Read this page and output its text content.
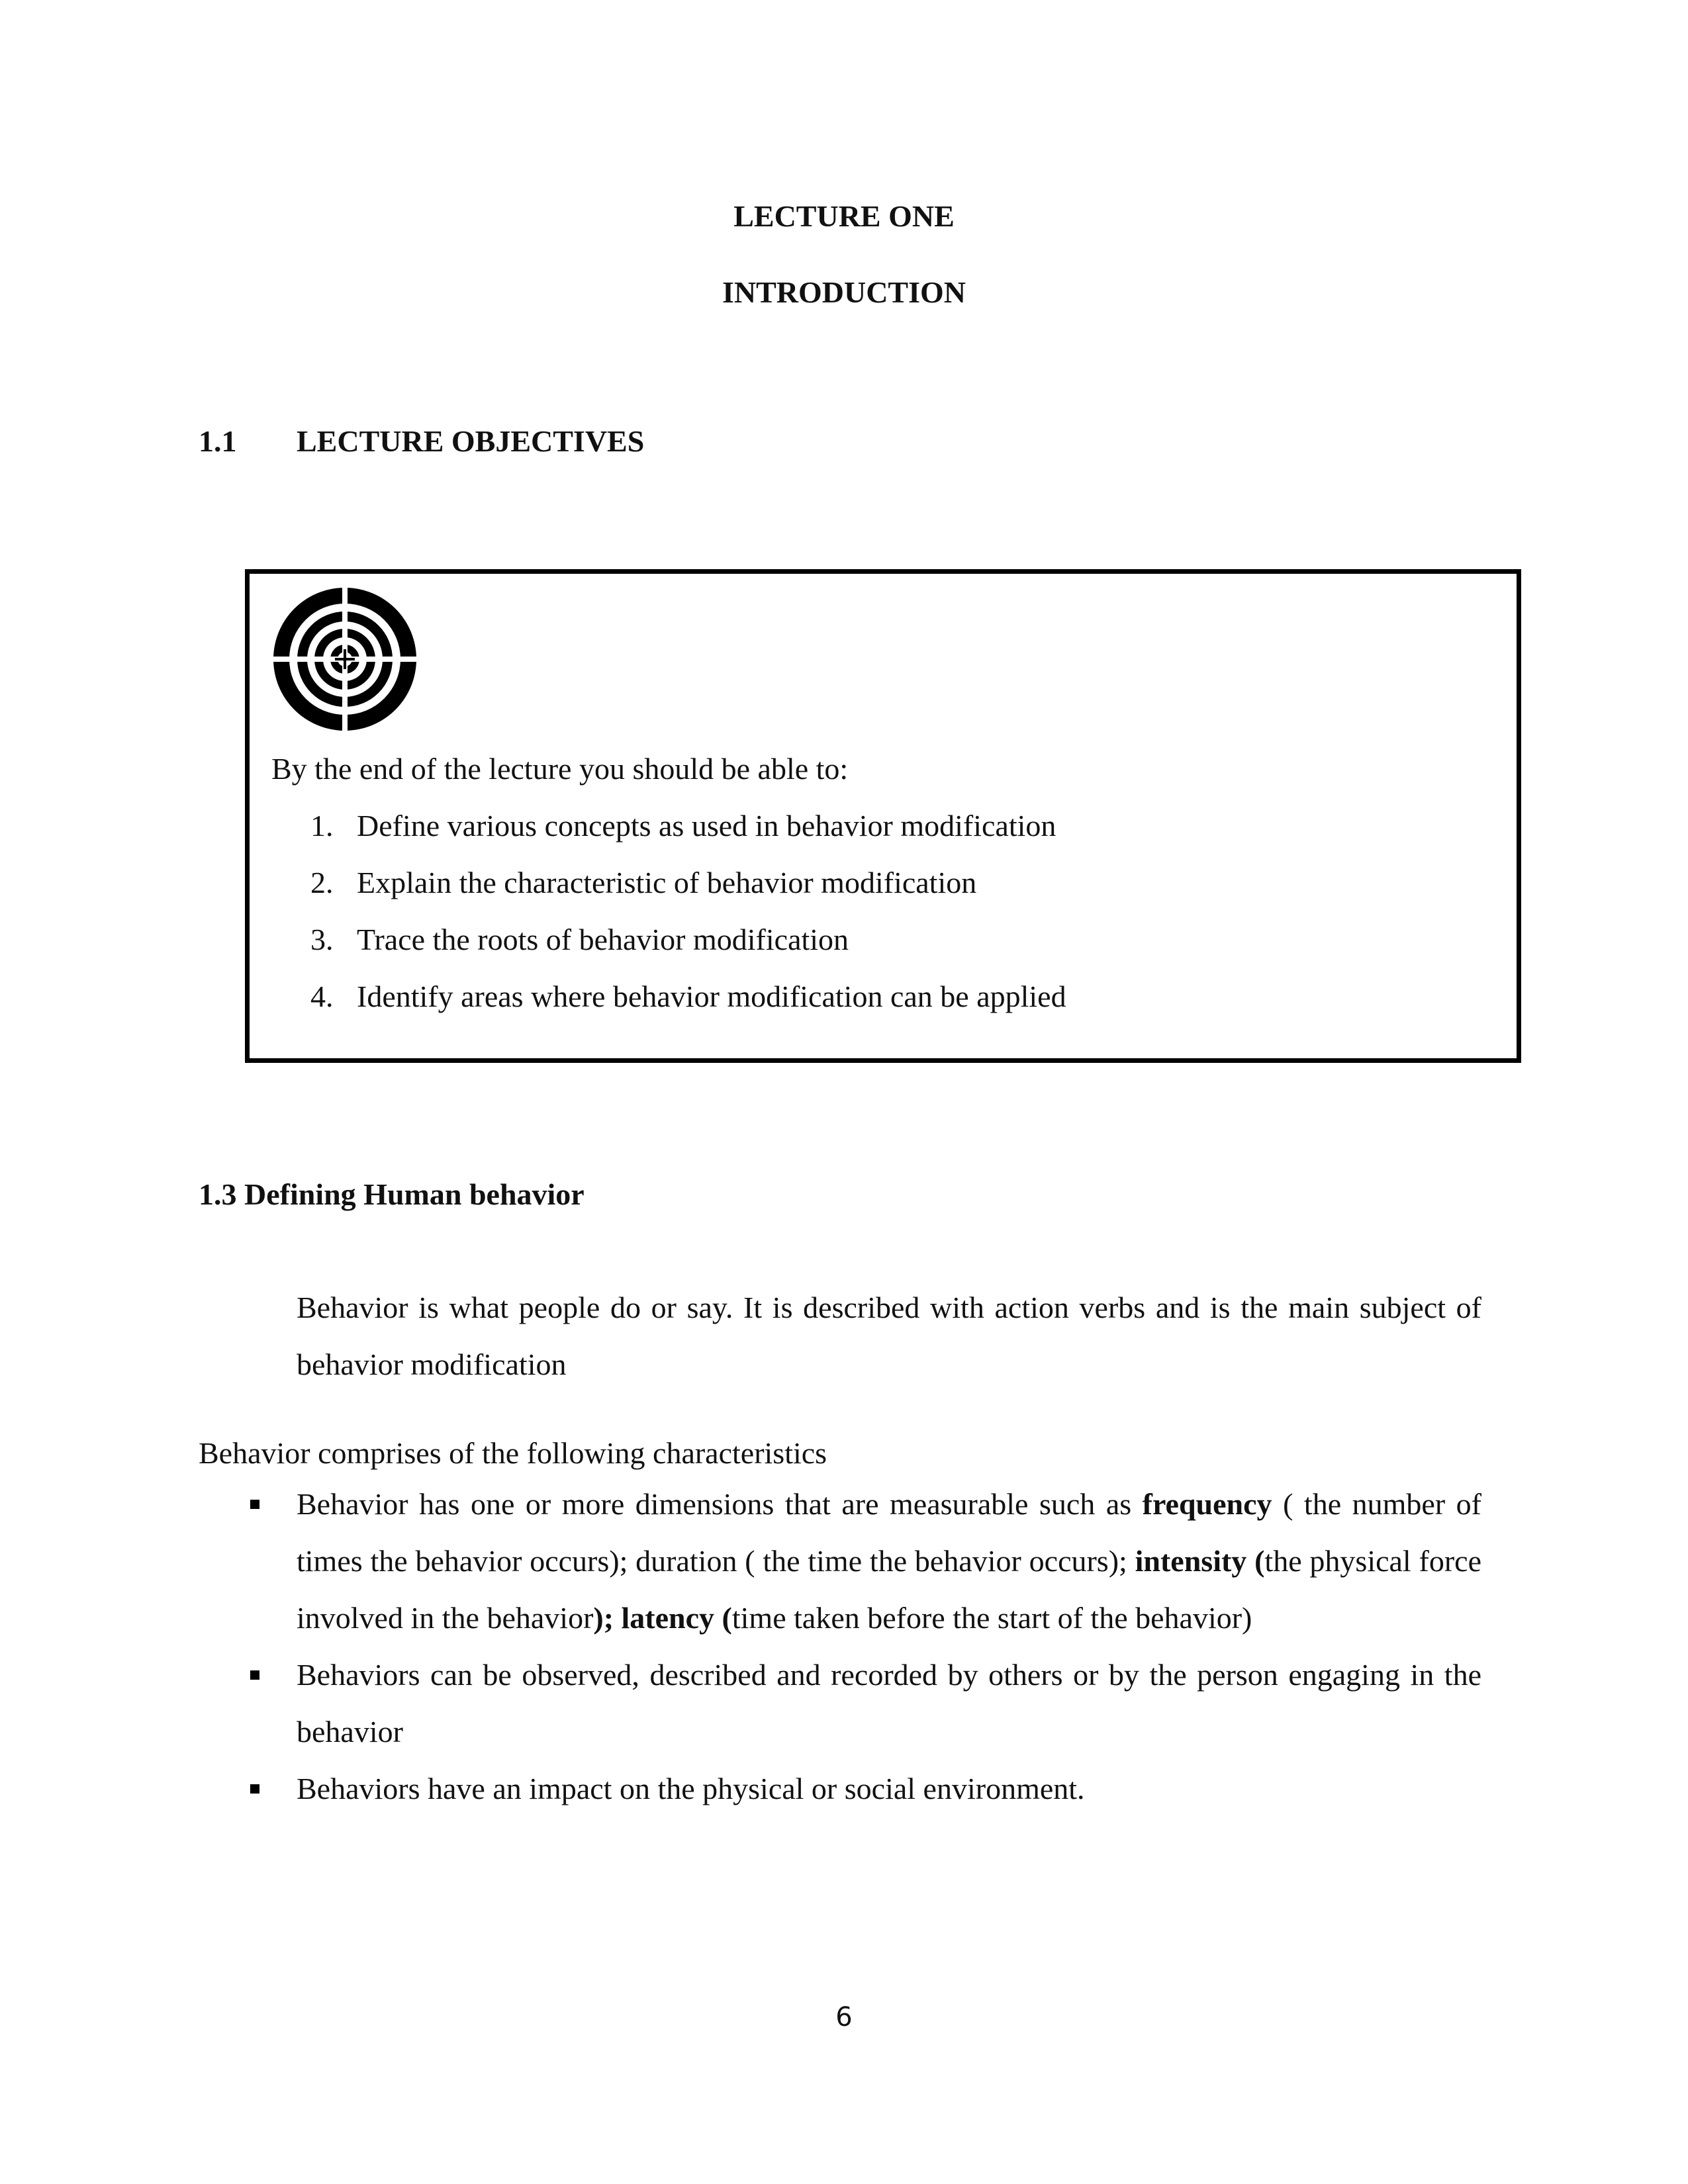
LECTURE ONE
INTRODUCTION
1.1 LECTURE OBJECTIVES
By the end of the lecture you should be able to:
1. Define various concepts as used in behavior modification
2. Explain the characteristic of behavior modification
3. Trace the roots of behavior modification
4. Identify areas where behavior modification can be applied
1.3 Defining Human behavior

Behavior is what people do or say. It is described with action verbs and is the main subject of behavior modification

Behavior comprises of the following characteristics

Behavior has one or more dimensions that are measurable such as frequency ( the number of times the behavior occurs); duration ( the time the behavior occurs); intensity (the physical force involved in the behavior); latency (time taken before the start of the behavior)
Behaviors can be observed, described and recorded by others or by the person engaging in the behavior
Behaviors have an impact on the physical or social environment.
6
